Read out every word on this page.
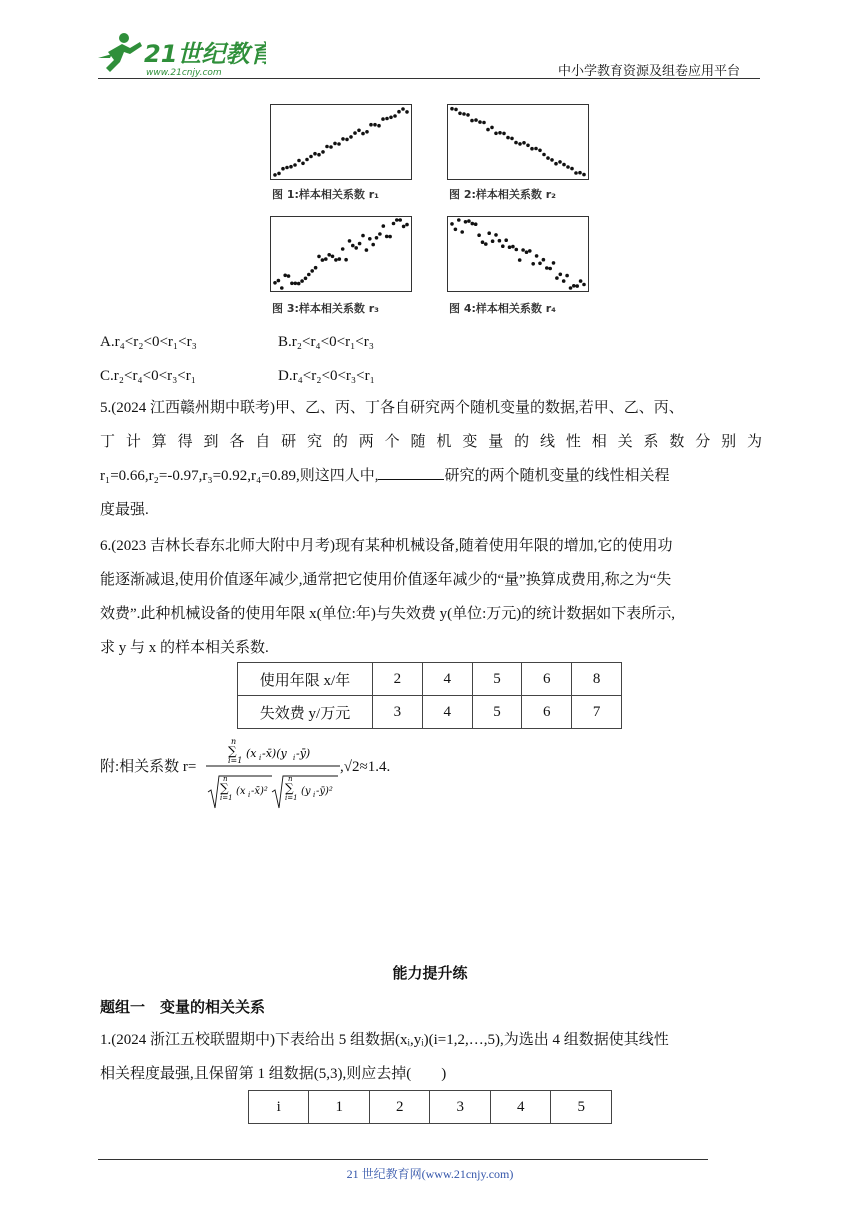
21世纪教育
www.21cnjy.com	中小学教育资源及组卷应用平台
图 1:样本相关系数 r₁	图 2:样本相关系数 r₂
图 3:样本相关系数 r₃	图 4:样本相关系数 r₄
A.r₄<r₂<0<r₁<r₃	B.r₂<r₄<0<r₁<r₃
C.r₂<r₄<0<r₃<r₁	D.r₄<r₂<0<r₃<r₁
5.(2024 江西赣州期中联考)甲、乙、丙、丁各自研究两个随机变量的数据,若甲、乙、丙、
丁计算得到各自研究的两个随机变量的线性相关系数分别为
r₁=0.66,r₂=-0.97,r₃=0.92,r₄=0.89,则这四人中,	研究的两个随机变量的线性相关程
度最强.
6.(2023 吉林长春东北师大附中月考)现有某种机械设备,随着使用年限的增加,它的使用功
能逐渐减退,使用价值逐年减少,通常把它使用价值逐年减少的“量”换算成费用,称之为“失
效费”.此种机械设备的使用年限 x(单位:年)与失效费 y(单位:万元)的统计数据如下表所示,
求 y 与 x 的样本相关系数.
使用年限 x/年	2	4	5	6	8
失效费 y/万元	3	4	5	6	7
附:相关系数 r=
n
∑
i=1
(x i -x̄)(y i -ȳ)
n
∑
i=1
(x i -x̄)²
n
∑
i=1
(y i -ȳ)²
,√2≈1.4.
能力提升练
题组一　变量的相关关系
1.(2024 浙江五校联盟期中)下表给出 5 组数据(xᵢ,yᵢ)(i=1,2,…,5),为选出 4 组数据使其线性
相关程度最强,且保留第 1 组数据(5,3),则应去掉(　　)
i	1	2	3	4	5
21 世纪教育网(www.21cnjy.com)
